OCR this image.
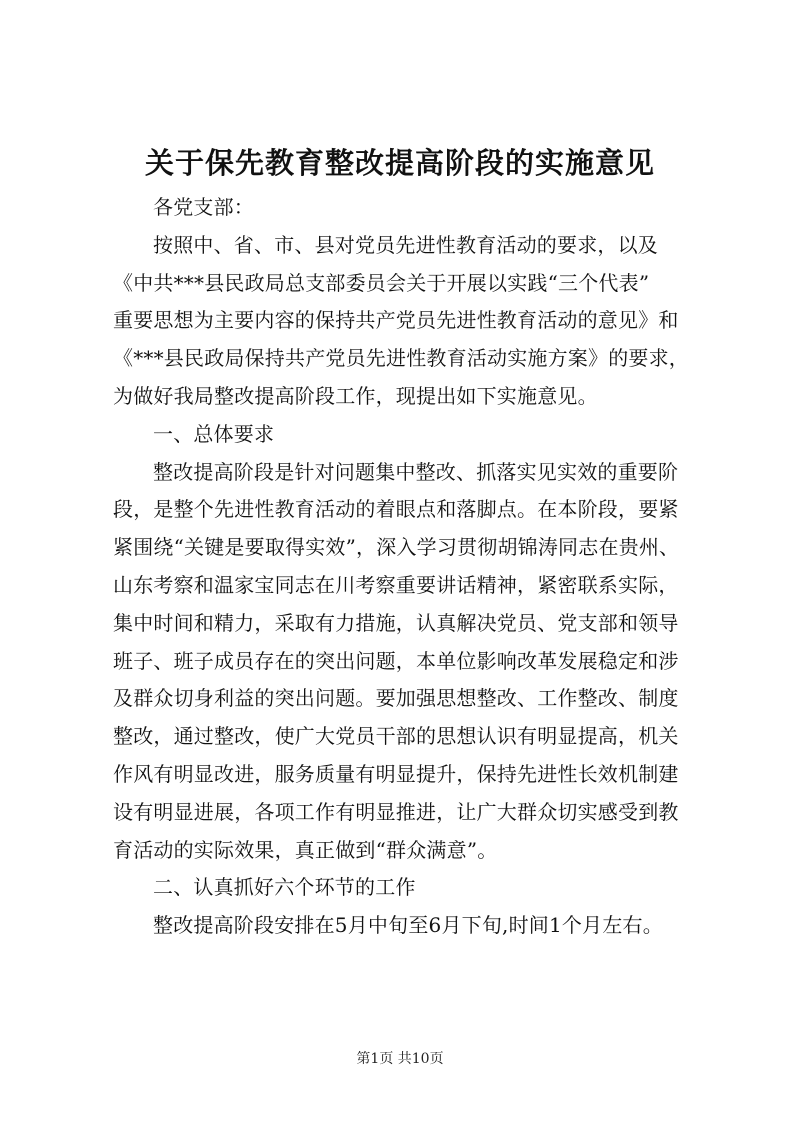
关于保先教育整改提高阶段的实施意见
各党支部：
按照中、省、市、县对党员先进性教育活动的要求，以及
《中共***县民政局总支部委员会关于开展以实践“三个代表”
重要思想为主要内容的保持共产党员先进性教育活动的意见》和
《***县民政局保持共产党员先进性教育活动实施方案》的要求，
为做好我局整改提高阶段工作，现提出如下实施意见。
一、总体要求
整改提高阶段是针对问题集中整改、抓落实见实效的重要阶
段，是整个先进性教育活动的着眼点和落脚点。在本阶段，要紧
紧围绕“关键是要取得实效”，深入学习贯彻胡锦涛同志在贵州、
山东考察和温家宝同志在川考察重要讲话精神，紧密联系实际，
集中时间和精力，采取有力措施，认真解决党员、党支部和领导
班子、班子成员存在的突出问题，本单位影响改革发展稳定和涉
及群众切身利益的突出问题。要加强思想整改、工作整改、制度
整改，通过整改，使广大党员干部的思想认识有明显提高，机关
作风有明显改进，服务质量有明显提升，保持先进性长效机制建
设有明显进展，各项工作有明显推进，让广大群众切实感受到教
育活动的实际效果，真正做到“群众满意”。
二、认真抓好六个环节的工作
整改提高阶段安排在5月中旬至6月下旬,时间1个月左右。
第1页 共10页
